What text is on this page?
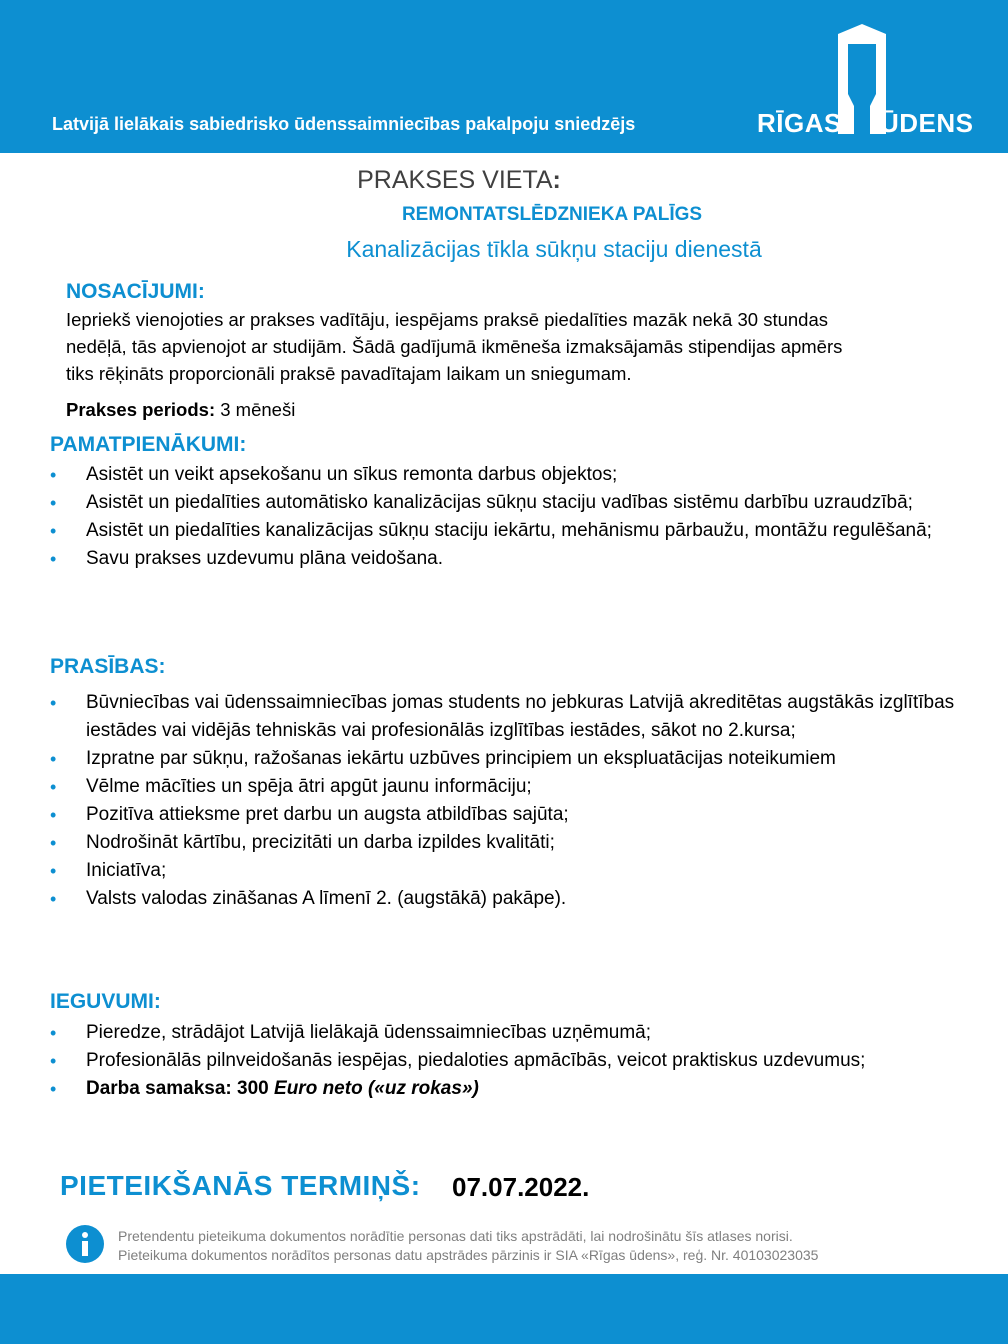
Latvijā lielākais sabiedrisko ūdenssaimniecības pakalpoju sniedzējs	RĪGAS ŪDENS
PRAKSES VIETA:
REMONTATSLĒDZNIEKA PALĪGS
Kanalizācijas tīkla sūkņu staciju dienestā
NOSACĪJUMI:
Iepriekš vienojoties ar prakses vadītāju, iespējams praksē piedalīties mazāk nekā 30 stundas
nedēļā, tās apvienojot ar studijām. Šādā gadījumā ikmēneša izmaksājamās stipendijas apmērs
tiks rēķināts proporcionāli praksē pavadītajam laikam un sniegumam.
Prakses periods: 3 mēneši
PAMATPIENĀKUMI:
• Asistēt un veikt apsekošanu un sīkus remonta darbus objektos;
• Asistēt un piedalīties automātisko kanalizācijas sūkņu staciju vadības sistēmu darbību uzraudzībā;
• Asistēt un piedalīties kanalizācijas sūkņu staciju iekārtu, mehānismu pārbaužu, montāžu regulēšanā;
• Savu prakses uzdevumu plāna veidošana.
PRASĪBAS:
• Būvniecības vai ūdenssaimniecības jomas students no jebkuras Latvijā akreditētas augstākās izglītības iestādes vai vidējās tehniskās vai profesionālās izglītības iestādes, sākot no 2.kursa;
• Izpratne par sūkņu, ražošanas iekārtu uzbūves principiem un ekspluatācijas noteikumiem
• Vēlme mācīties un spēja ātri apgūt jaunu informāciju;
• Pozitīva attieksme pret darbu un augsta atbildības sajūta;
• Nodrošināt kārtību, precizitāti un darba izpildes kvalitāti;
• Iniciatīva;
• Valsts valodas zināšanas A līmenī 2. (augstākā) pakāpe).
IEGUVUMI:
• Pieredze, strādājot Latvijā lielākajā ūdenssaimniecības uzņēmumā;
• Profesionālās pilnveidošanās iespējas, piedaloties apmācībās, veicot praktiskus uzdevumus;
• Darba samaksa: 300 Euro neto («uz rokas»)
PIETEIKŠANĀS TERMIŅŠ: 07.07.2022.
Pretendentu pieteikuma dokumentos norādītie personas dati tiks apstrādāti, lai nodrošinātu šīs atlases norisi.
Pieteikuma dokumentos norādītos personas datu apstrādes pārzinis ir SIA «Rīgas ūdens», reģ. Nr. 40103023035
